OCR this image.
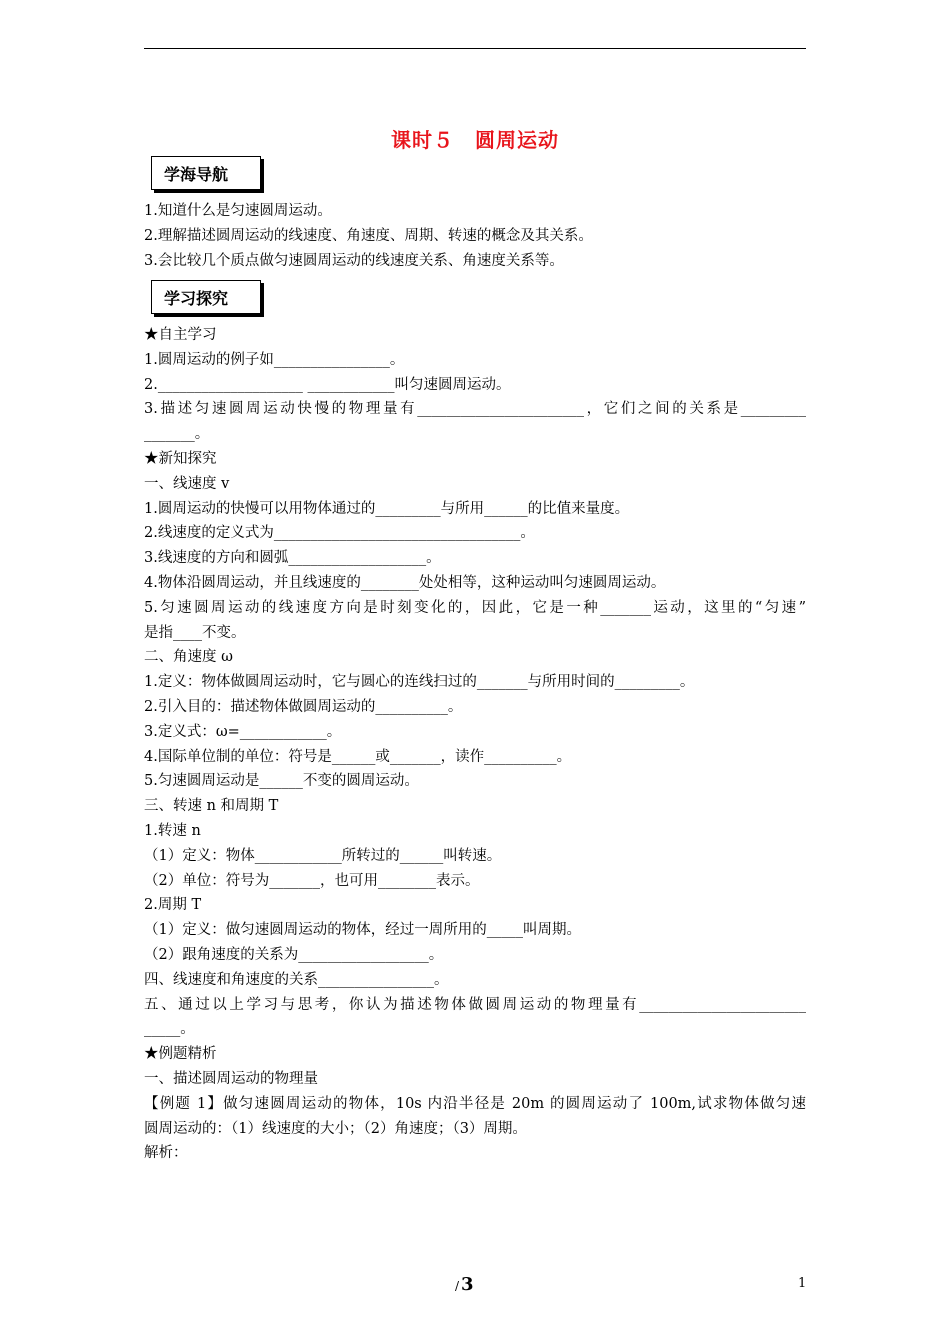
课时５　圆周运动
学海导航

1.知道什么是匀速圆周运动。

2.理解描述圆周运动的线速度、角速度、周期、转速的概念及其关系。

3.会比较几个质点做匀速圆周运动的线速度关系、角速度关系等。

学习探究

★自主学习

1.圆周运动的例子如________________。

2.____________________ ____________叫匀速圆周运动。

3.描述匀速圆周运动快慢的物理量有_______________________，它们之间的关系是_________

_______。

★新知探究

一、线速度 v

1.圆周运动的快慢可以用物体通过的_________与所用______的比值来量度。

2.线速度的定义式为__________________________________。

3.线速度的方向和圆弧___________________。

4.物体沿圆周运动，并且线速度的________处处相等，这种运动叫匀速圆周运动。

5.匀速圆周运动的线速度方向是时刻变化的，因此，它是一种_______运动，这里的“匀速”

是指____不变。

二、角速度 ω

1.定义：物体做圆周运动时，它与圆心的连线扫过的_______与所用时间的_________。

2.引入目的：描述物体做圆周运动的__________。

3.定义式：ω=____________。

4.国际单位制的单位：符号是______或_______，读作__________。

5.匀速圆周运动是______不变的圆周运动。

三、转速 n 和周期 T

1.转速 n

（1）定义：物体____________所转过的______叫转速。

（2）单位：符号为_______，也可用________表示。

2.周期 T

（1）定义：做匀速圆周运动的物体，经过一周所用的_____叫周期。

（2）跟角速度的关系为__________________。

四、线速度和角速度的关系________________。

五、通过以上学习与思考，你认为描述物体做圆周运动的物理量有_______________________

_____。

★例题精析

一、描述圆周运动的物理量

【例题 1】做匀速圆周运动的物体，10s 内沿半径是 20m 的圆周运动了 100m,试求物体做匀速

圆周运动的：（1）线速度的大小；（2）角速度；（3）周期。

解析：

/ 3	1
